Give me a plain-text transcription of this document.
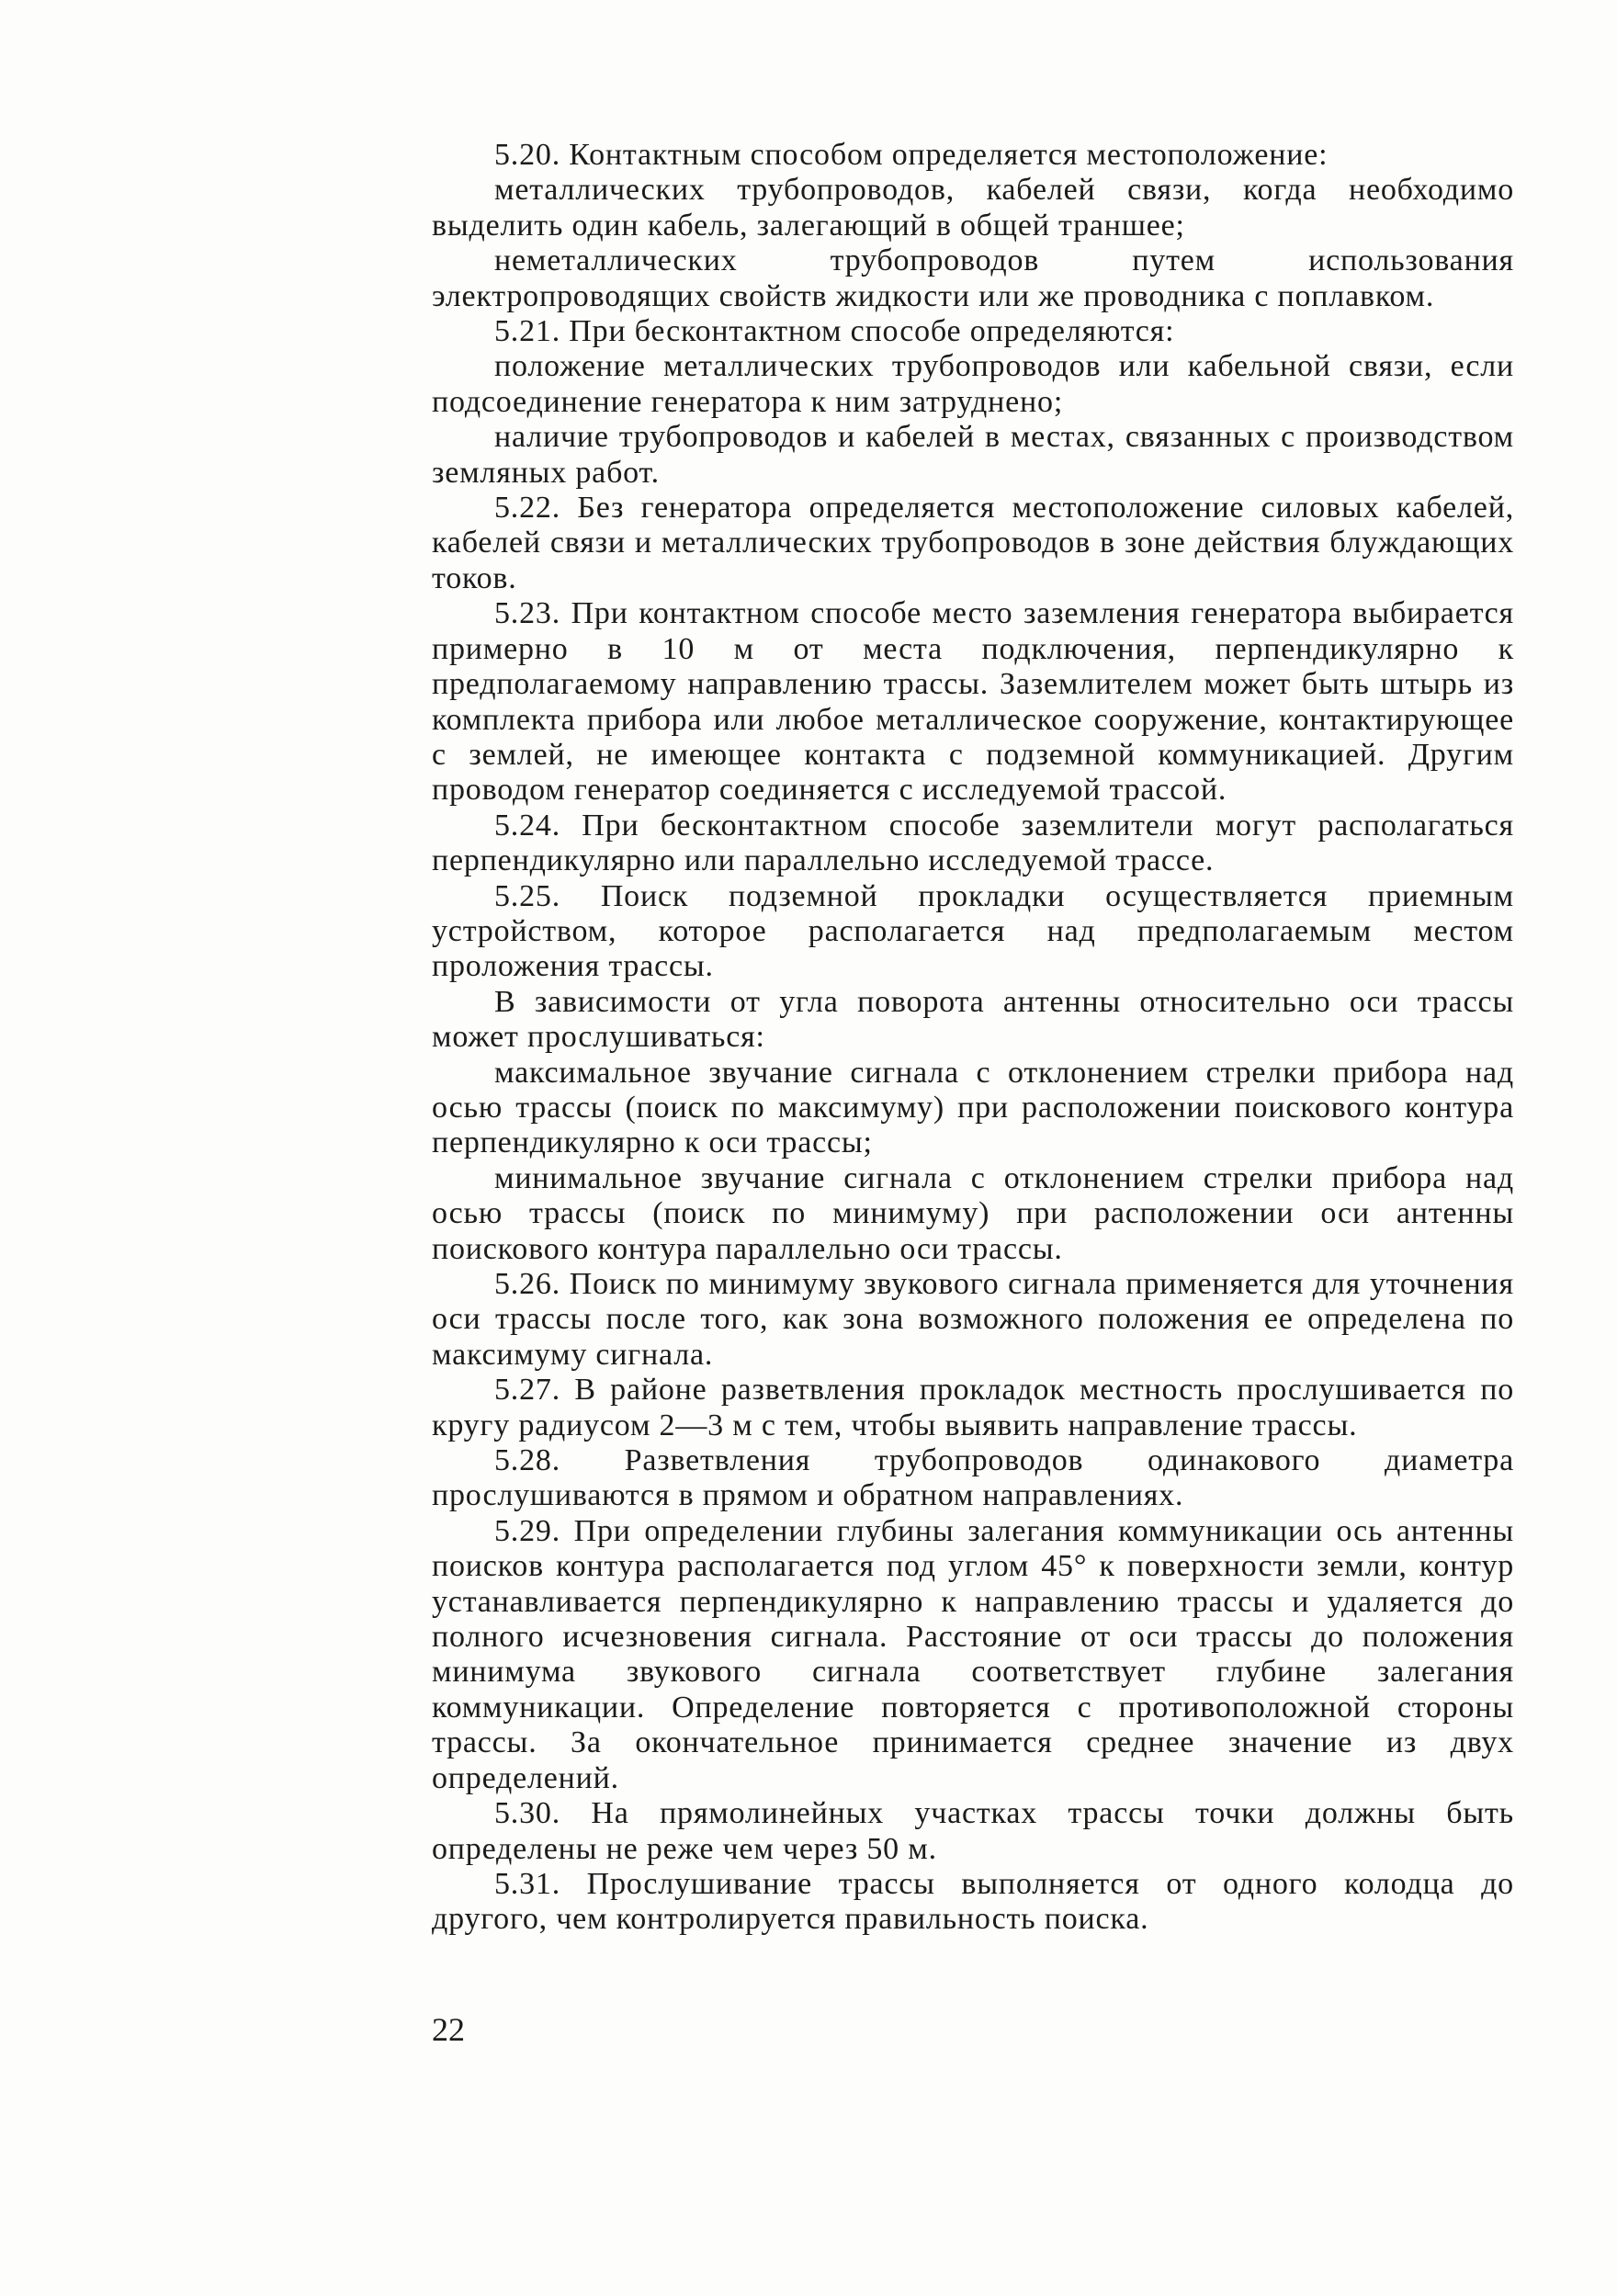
5.20. Контактным способом определяется местоположение:

металлических трубопроводов, кабелей связи, когда необходимо выделить один кабель, залегающий в общей траншее;

неметаллических трубопроводов путем использования электропроводящих свойств жидкости или же проводника с поплавком.

5.21. При бесконтактном способе определяются:

положение металлических трубопроводов или кабельной связи, если подсоединение генератора к ним затруднено;

наличие трубопроводов и кабелей в местах, связанных с производством земляных работ.

5.22. Без генератора определяется местоположение силовых кабелей, кабелей связи и металлических трубопроводов в зоне действия блуждающих токов.

5.23. При контактном способе место заземления генератора выбирается примерно в 10 м от места подключения, перпендикулярно к предполагаемому направлению трассы. Заземлителем может быть штырь из комплекта прибора или любое металлическое сооружение, контактирующее с землей, не имеющее контакта с подземной коммуникацией. Другим проводом генератор соединяется с исследуемой трассой.

5.24. При бесконтактном способе заземлители могут располагаться перпендикулярно или параллельно исследуемой трассе.

5.25. Поиск подземной прокладки осуществляется приемным устройством, которое располагается над предполагаемым местом проложения трассы.

В зависимости от угла поворота антенны относительно оси трассы может прослушиваться:

максимальное звучание сигнала с отклонением стрелки прибора над осью трассы (поиск по максимуму) при расположении поискового контура перпендикулярно к оси трассы;

минимальное звучание сигнала с отклонением стрелки прибора над осью трассы (поиск по минимуму) при расположении оси антенны поискового контура параллельно оси трассы.

5.26. Поиск по минимуму звукового сигнала применяется для уточнения оси трассы после того, как зона возможного положения ее определена по максимуму сигнала.

5.27. В районе разветвления прокладок местность прослушивается по кругу радиусом 2—3 м с тем, чтобы выявить направление трассы.

5.28. Разветвления трубопроводов одинакового диаметра прослушиваются в прямом и обратном направлениях.

5.29. При определении глубины залегания коммуникации ось антенны поисков контура располагается под углом 45° к поверхности земли, контур устанавливается перпендикулярно к направлению трассы и удаляется до полного исчезновения сигнала. Расстояние от оси трассы до положения минимума звукового сигнала соответствует глубине залегания коммуникации. Определение повторяется с противоположной стороны трассы. За окончательное принимается среднее значение из двух определений.

5.30. На прямолинейных участках трассы точки должны быть определены не реже чем через 50 м.

5.31. Прослушивание трассы выполняется от одного колодца до другого, чем контролируется правильность поиска.

22
